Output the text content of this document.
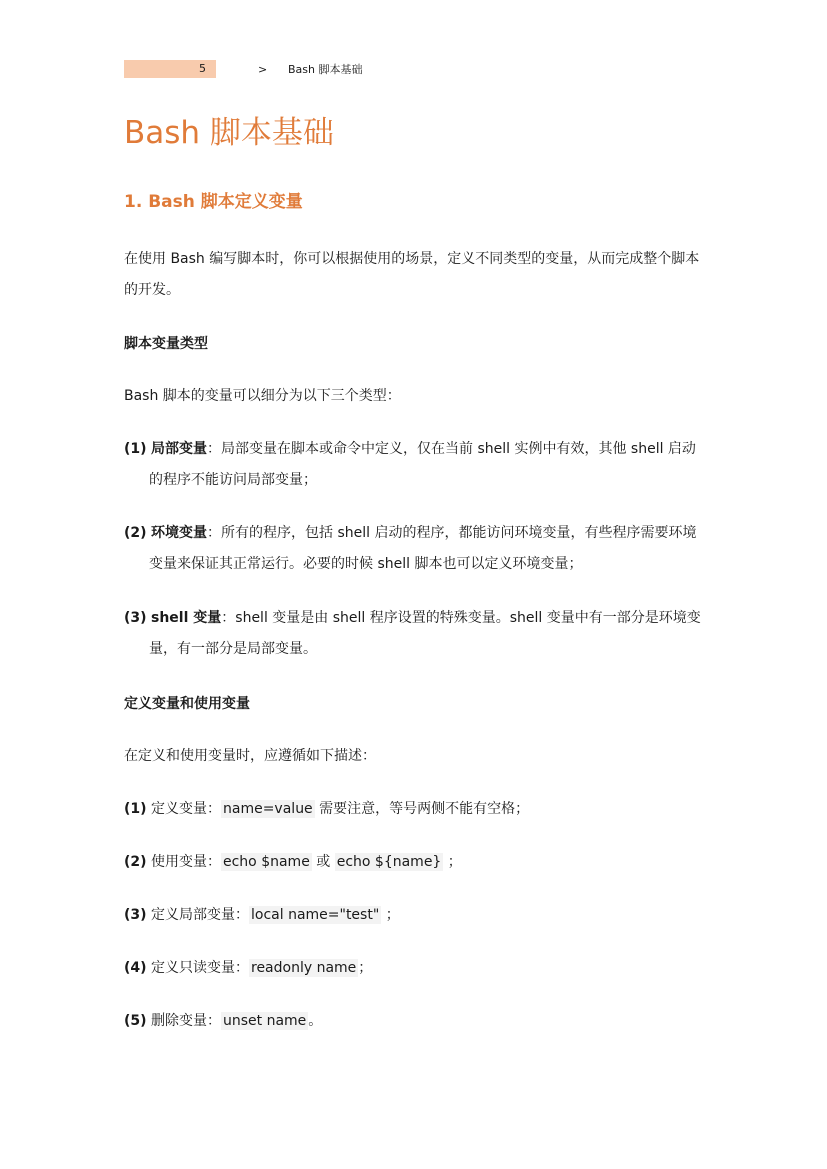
5	>	Bash 脚本基础
Bash 脚本基础
1. Bash 脚本定义变量

在使用 Bash 编写脚本时，你可以根据使用的场景，定义不同类型的变量，从而完成整个脚本的开发。

脚本变量类型

Bash 脚本的变量可以细分为以下三个类型：

(1) 局部变量：局部变量在脚本或命令中定义，仅在当前 shell 实例中有效，其他 shell 启动的程序不能访问局部变量；

(2) 环境变量：所有的程序，包括 shell 启动的程序，都能访问环境变量，有些程序需要环境变量来保证其正常运行。必要的时候 shell 脚本也可以定义环境变量；

(3) shell 变量：shell 变量是由 shell 程序设置的特殊变量。shell 变量中有一部分是环境变量，有一部分是局部变量。

定义变量和使用变量

在定义和使用变量时，应遵循如下描述：

(1) 定义变量： name=value 需要注意，等号两侧不能有空格；

(2) 使用变量： echo $name 或 echo ${name} ；

(3) 定义局部变量： local name="test" ；

(4) 定义只读变量： readonly name ；

(5) 删除变量： unset name 。
